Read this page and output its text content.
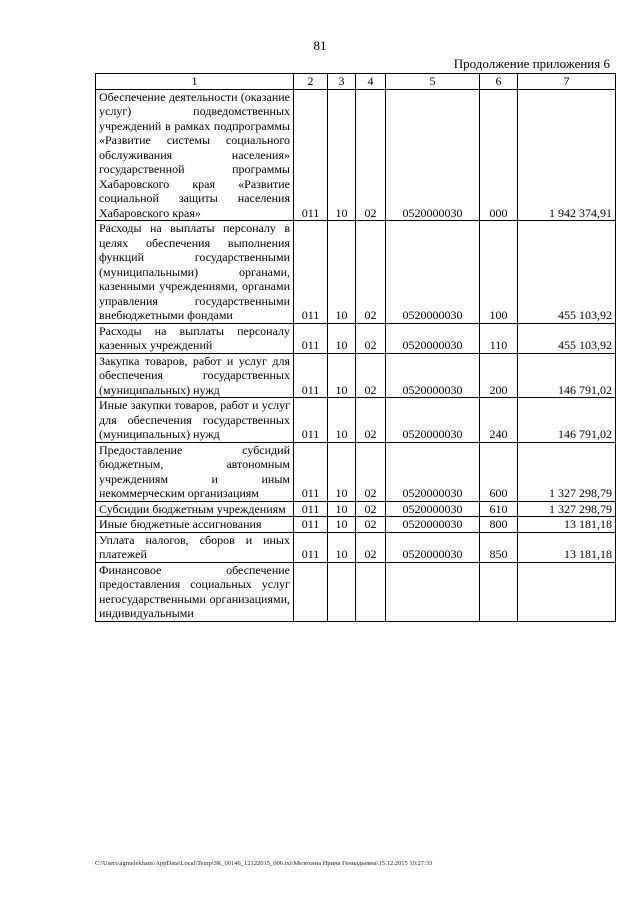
81
Продолжение приложения 6
1	2	3	4	5	6	7
Обеспечение деятельности (оказание услуг) подведомственных учреждений в рамках подпрограммы «Развитие системы социального обслуживания населения» государственной программы Хабаровского края «Развитие социальной защиты населения Хабаровского края»	011	10	02	0520000030	000	1 942 374,91
Расходы на выплаты персоналу в целях обеспечения выполнения функций государственными (муниципальными) органами, казенными учреждениями, органами управления государственными внебюджетными фондами	011	10	02	0520000030	100	455 103,92
Расходы на выплаты персоналу казенных учреждений	011	10	02	0520000030	110	455 103,92
Закупка товаров, работ и услуг для обеспечения государственных (муниципальных) нужд	011	10	02	0520000030	200	146 791,02
Иные закупки товаров, работ и услуг для обеспечения государственных (муниципальных) нужд	011	10	02	0520000030	240	146 791,02
Предоставление субсидий бюджетным, автономным учреждениям и иным некоммерческим организациям	011	10	02	0520000030	600	1 327 298,79
Субсидии бюджетным учреждениям	011	10	02	0520000030	610	1 327 298,79
Иные бюджетные ассигнования	011	10	02	0520000030	800	13 181,18
Уплата налогов, сборов и иных платежей	011	10	02	0520000030	850	13 181,18
Финансовое обеспечение предоставления социальных услуг негосударственными организациями, индивидуальными						
C:\Users\agmelekhans\AppData\Local\Temp\ЗК_00146_12122015_006.txt\Мелехина Ирина Геннадьевна\15.12.2015 10:27:33
